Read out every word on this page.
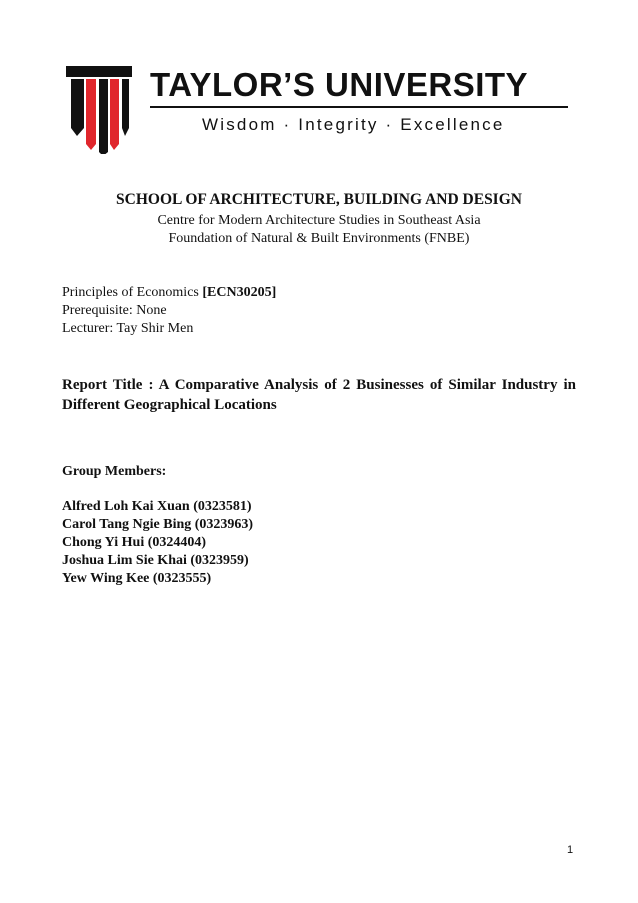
TAYLOR’S UNIVERSITY
Wisdom · Integrity · Excellence
SCHOOL OF ARCHITECTURE, BUILDING AND DESIGN
Centre for Modern Architecture Studies in Southeast Asia
Foundation of Natural & Built Environments (FNBE)
Principles of Economics [ECN30205]
Prerequisite: None
Lecturer: Tay Shir Men
Report Title : A Comparative Analysis of 2 Businesses of Similar Industry in Different Geographical Locations
Group Members:
Alfred Loh Kai Xuan (0323581)
Carol Tang Ngie Bing (0323963)
Chong Yi Hui (0324404)
Joshua Lim Sie Khai (0323959)
Yew Wing Kee (0323555)
1
